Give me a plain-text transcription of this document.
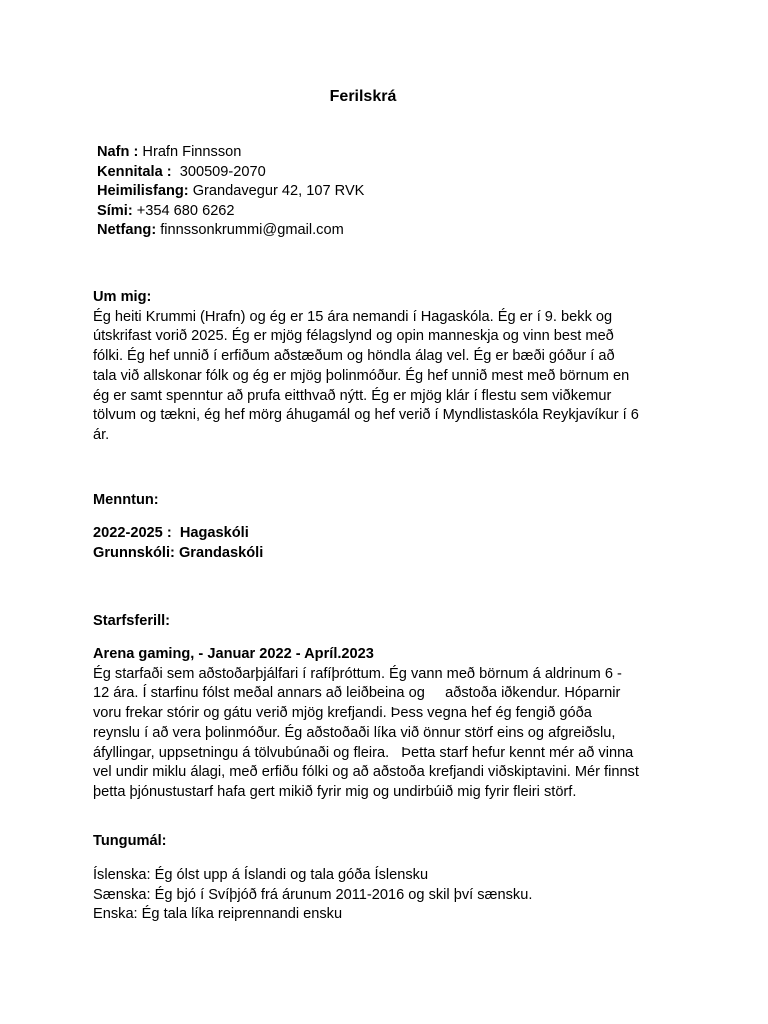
Ferilskrá
Nafn : Hrafn Finnsson
Kennitala :  300509-2070
Heimilisfang: Grandavegur 42, 107 RVK
Sími: +354 680 6262
Netfang: finnssonkrummi@gmail.com
Um mig:
Ég heiti Krummi (Hrafn) og ég er 15 ára nemandi í Hagaskóla. Ég er í 9. bekk og
útskrifast vorið 2025. Ég er mjög félagslynd og opin manneskja og vinn best með
fólki. Ég hef unnið í erfiðum aðstæðum og höndla álag vel. Ég er bæði góður í að
tala við allskonar fólk og ég er mjög þolinmóður. Ég hef unnið mest með börnum en
ég er samt spenntur að prufa eitthvað nýtt. Ég er mjög klár í flestu sem viðkemur
tölvum og tækni, ég hef mörg áhugamál og hef verið í Myndlistaskóla Reykjavíkur í 6
ár.
Menntun:
2022-2025 :  Hagaskóli
Grunnskóli: Grandaskóli
Starfsferill:
Arena gaming, - Januar 2022 - Apríl.2023
Ég starfaði sem aðstoðarþjálfari í rafíþróttum. Ég vann með börnum á aldrinum 6 -
12 ára. Í starfinu fólst meðal annars að leiðbeina og     aðstoða iðkendur. Hóparnir
voru frekar stórir og gátu verið mjög krefjandi. Þess vegna hef ég fengið góða
reynslu í að vera þolinmóður. Ég aðstoðaði líka við önnur störf eins og afgreiðslu,
áfyllingar, uppsetningu á tölvubúnaði og fleira.   Þetta starf hefur kennt mér að vinna
vel undir miklu álagi, með erfiðu fólki og að aðstoða krefjandi viðskiptavini. Mér finnst
þetta þjónustustarf hafa gert mikið fyrir mig og undirbúið mig fyrir fleiri störf.
Tungumál:
Íslenska: Ég ólst upp á Íslandi og tala góða Íslensku
Sænska: Ég bjó í Svíþjóð frá árunum 2011-2016 og skil því sænsku.
Enska: Ég tala líka reiprennandi ensku
